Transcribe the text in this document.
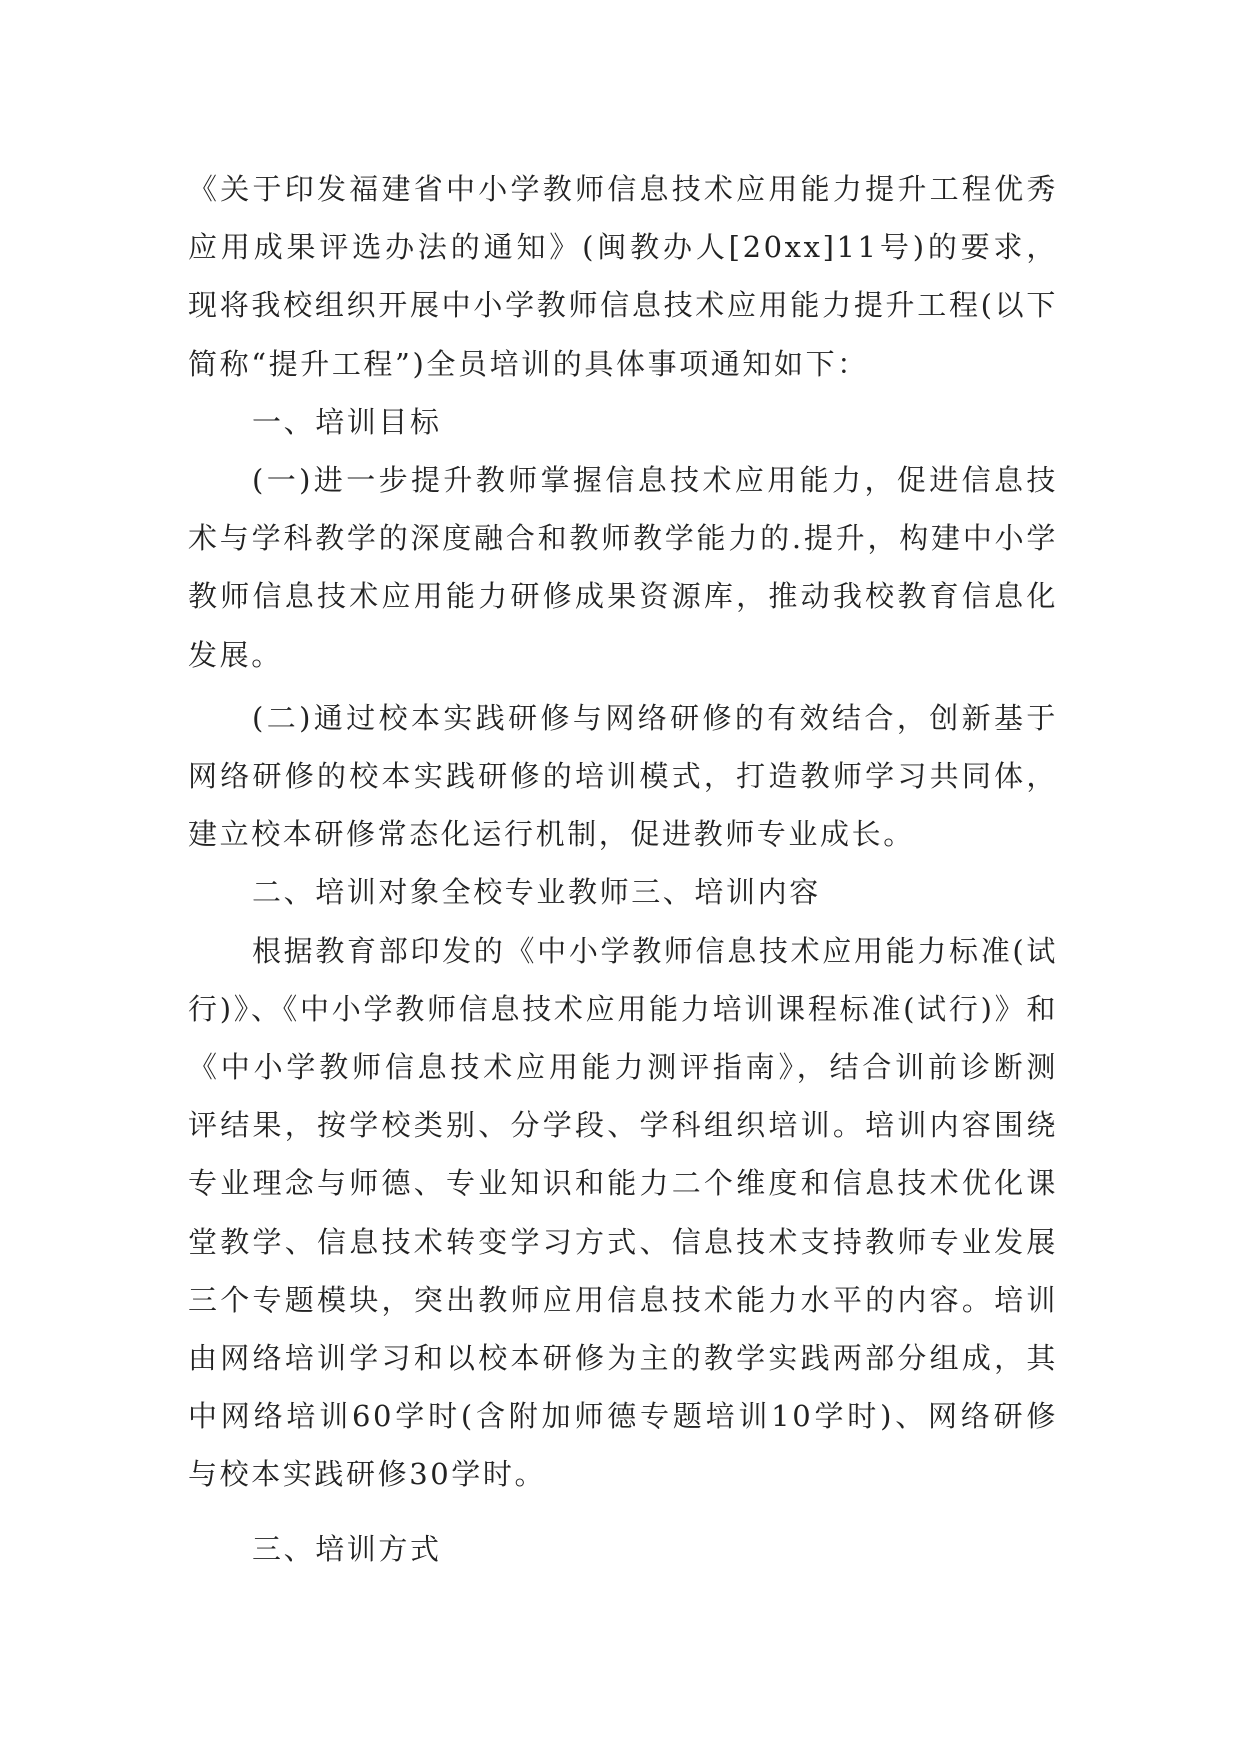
《关于印发福建省中小学教师信息技术应用能力提升工程优秀应用成果评选办法的通知》(闽教办人[20xx]11号)的要求，现将我校组织开展中小学教师信息技术应用能力提升工程(以下简称“提升工程”)全员培训的具体事项通知如下：

一、培训目标

(一)进一步提升教师掌握信息技术应用能力，促进信息技术与学科教学的深度融合和教师教学能力的.提升，构建中小学教师信息技术应用能力研修成果资源库，推动我校教育信息化发展。

(二)通过校本实践研修与网络研修的有效结合，创新基于网络研修的校本实践研修的培训模式，打造教师学习共同体，建立校本研修常态化运行机制，促进教师专业成长。

二、培训对象全校专业教师三、培训内容

根据教育部印发的《中小学教师信息技术应用能力标准(试行)》、《中小学教师信息技术应用能力培训课程标准(试行)》和《中小学教师信息技术应用能力测评指南》，结合训前诊断测评结果，按学校类别、分学段、学科组织培训。培训内容围绕专业理念与师德、专业知识和能力二个维度和信息技术优化课堂教学、信息技术转变学习方式、信息技术支持教师专业发展三个专题模块，突出教师应用信息技术能力水平的内容。培训由网络培训学习和以校本研修为主的教学实践两部分组成，其中网络培训60学时(含附加师德专题培训10学时)、网络研修与校本实践研修30学时。

三、培训方式
